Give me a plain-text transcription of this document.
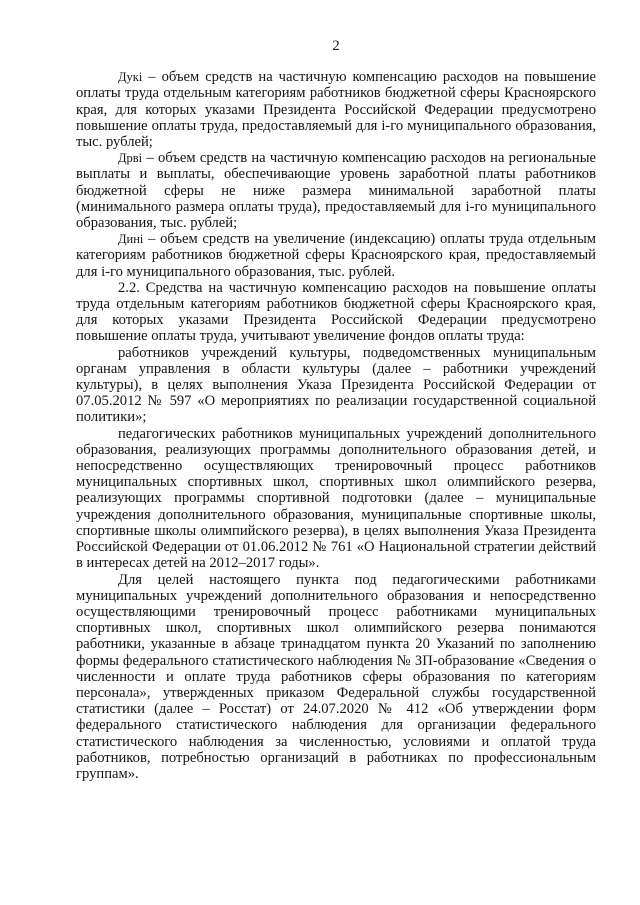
2

Дукі – объем средств на частичную компенсацию расходов на повышение оплаты труда отдельным категориям работников бюджетной сферы Красноярского края, для которых указами Президента Российской Федерации предусмотрено повышение оплаты труда, предоставляемый для i-го муниципального образования, тыс. рублей;

Дрві – объем средств на частичную компенсацию расходов на региональные выплаты и выплаты, обеспечивающие уровень заработной платы работников бюджетной сферы не ниже размера минимальной заработной платы (минимального размера оплаты труда), предоставляемый для i-го муниципального образования, тыс. рублей;

Динi – объем средств на увеличение (индексацию) оплаты труда отдельным категориям работников бюджетной сферы Красноярского края, предоставляемый для i-го муниципального образования, тыс. рублей.

2.2. Средства на частичную компенсацию расходов на повышение оплаты труда отдельным категориям работников бюджетной сферы Красноярского края, для которых указами Президента Российской Федерации предусмотрено повышение оплаты труда, учитывают увеличение фондов оплаты труда:

работников учреждений культуры, подведомственных муниципальным органам управления в области культуры (далее – работники учреждений культуры), в целях выполнения Указа Президента Российской Федерации от 07.05.2012 № 597 «О мероприятиях по реализации государственной социальной политики»;

педагогических работников муниципальных учреждений дополнительного образования, реализующих программы дополнительного образования детей, и непосредственно осуществляющих тренировочный процесс работников муниципальных спортивных школ, спортивных школ олимпийского резерва, реализующих программы спортивной подготовки (далее – муниципальные учреждения дополнительного образования, муниципальные спортивные школы, спортивные школы олимпийского резерва), в целях выполнения Указа Президента Российской Федерации от 01.06.2012 № 761 «О Национальной стратегии действий в интересах детей на 2012–2017 годы».

Для целей настоящего пункта под педагогическими работниками муниципальных учреждений дополнительного образования и непосредственно осуществляющими тренировочный процесс работниками муниципальных спортивных школ, спортивных школ олимпийского резерва понимаются работники, указанные в абзаце тринадцатом пункта 20 Указаний по заполнению формы федерального статистического наблюдения № ЗП-образование «Сведения о численности и оплате труда работников сферы образования по категориям персонала», утвержденных приказом Федеральной службы государственной статистики (далее – Росстат) от 24.07.2020 № 412 «Об утверждении форм федерального статистического наблюдения для организации федерального статистического наблюдения за численностью, условиями и оплатой труда работников, потребностью организаций в работниках по профессиональным группам».
